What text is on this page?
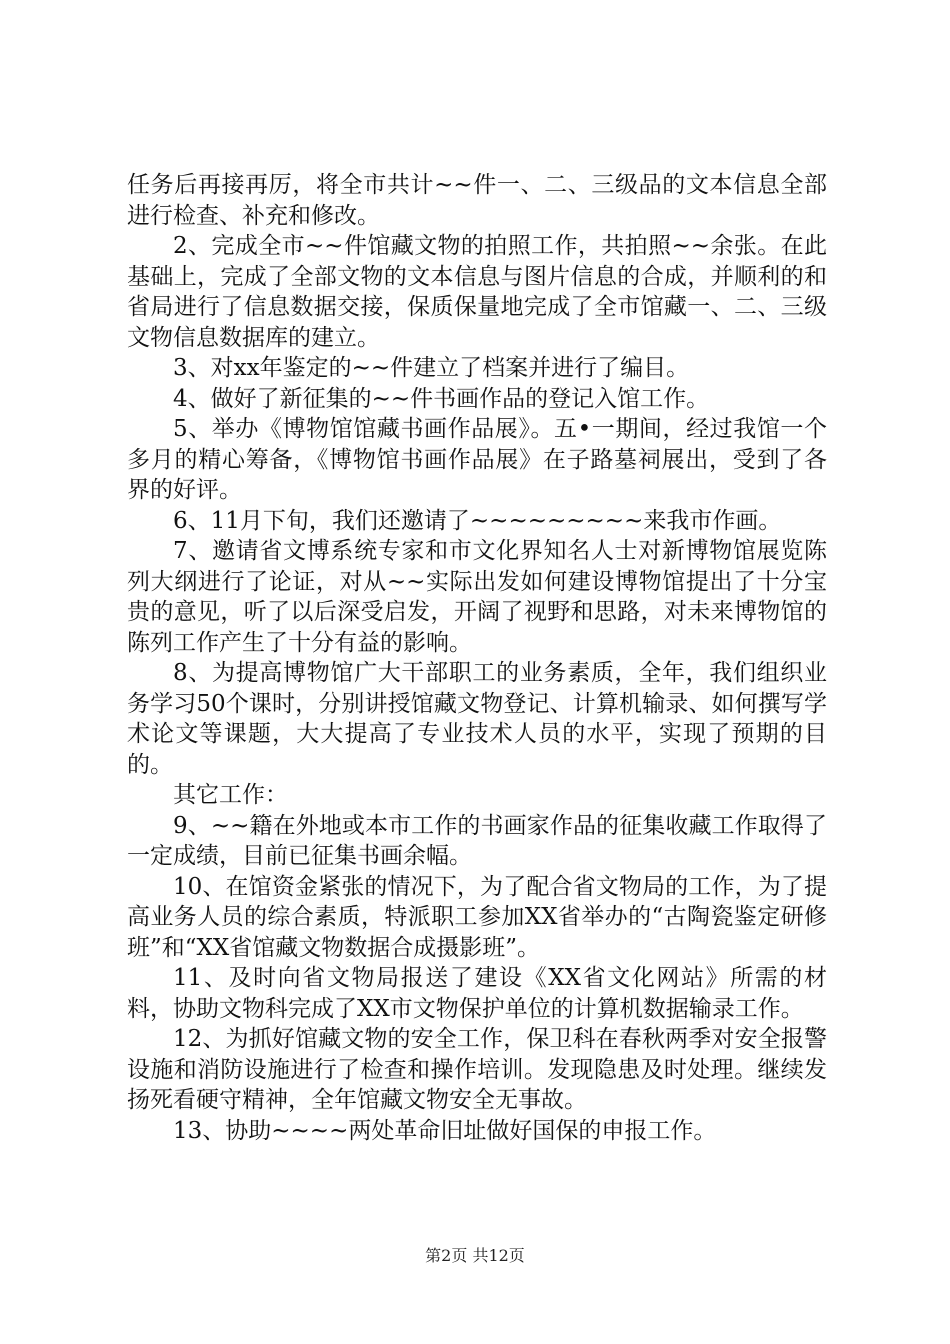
任务后再接再厉，将全市共计~~件一、二、三级品的文本信息全部进行检查、补充和修改。

2、完成全市~~件馆藏文物的拍照工作，共拍照~~余张。在此基础上，完成了全部文物的文本信息与图片信息的合成，并顺利的和省局进行了信息数据交接，保质保量地完成了全市馆藏一、二、三级文物信息数据库的建立。

3、对xx年鉴定的~~件建立了档案并进行了编目。

4、做好了新征集的~~件书画作品的登记入馆工作。

5、举办《博物馆馆藏书画作品展》。五•一期间，经过我馆一个多月的精心筹备，《博物馆书画作品展》在子路墓祠展出，受到了各界的好评。

6、11月下旬，我们还邀请了~~~~~~~~~来我市作画。

7、邀请省文博系统专家和市文化界知名人士对新博物馆展览陈列大纲进行了论证，对从~~实际出发如何建设博物馆提出了十分宝贵的意见，听了以后深受启发，开阔了视野和思路，对未来博物馆的陈列工作产生了十分有益的影响。

8、为提高博物馆广大干部职工的业务素质，全年，我们组织业务学习50个课时，分别讲授馆藏文物登记、计算机输录、如何撰写学术论文等课题，大大提高了专业技术人员的水平，实现了预期的目的。

其它工作：

9、~~籍在外地或本市工作的书画家作品的征集收藏工作取得了一定成绩，目前已征集书画余幅。

10、在馆资金紧张的情况下，为了配合省文物局的工作，为了提高业务人员的综合素质，特派职工参加XX省举办的“古陶瓷鉴定研修班”和“XX省馆藏文物数据合成摄影班”。

11、及时向省文物局报送了建设《XX省文化网站》所需的材料，协助文物科完成了XX市文物保护单位的计算机数据输录工作。

12、为抓好馆藏文物的安全工作，保卫科在春秋两季对安全报警设施和消防设施进行了检查和操作培训。发现隐患及时处理。继续发扬死看硬守精神，全年馆藏文物安全无事故。

13、协助~~~~两处革命旧址做好国保的申报工作。

第2页 共12页
